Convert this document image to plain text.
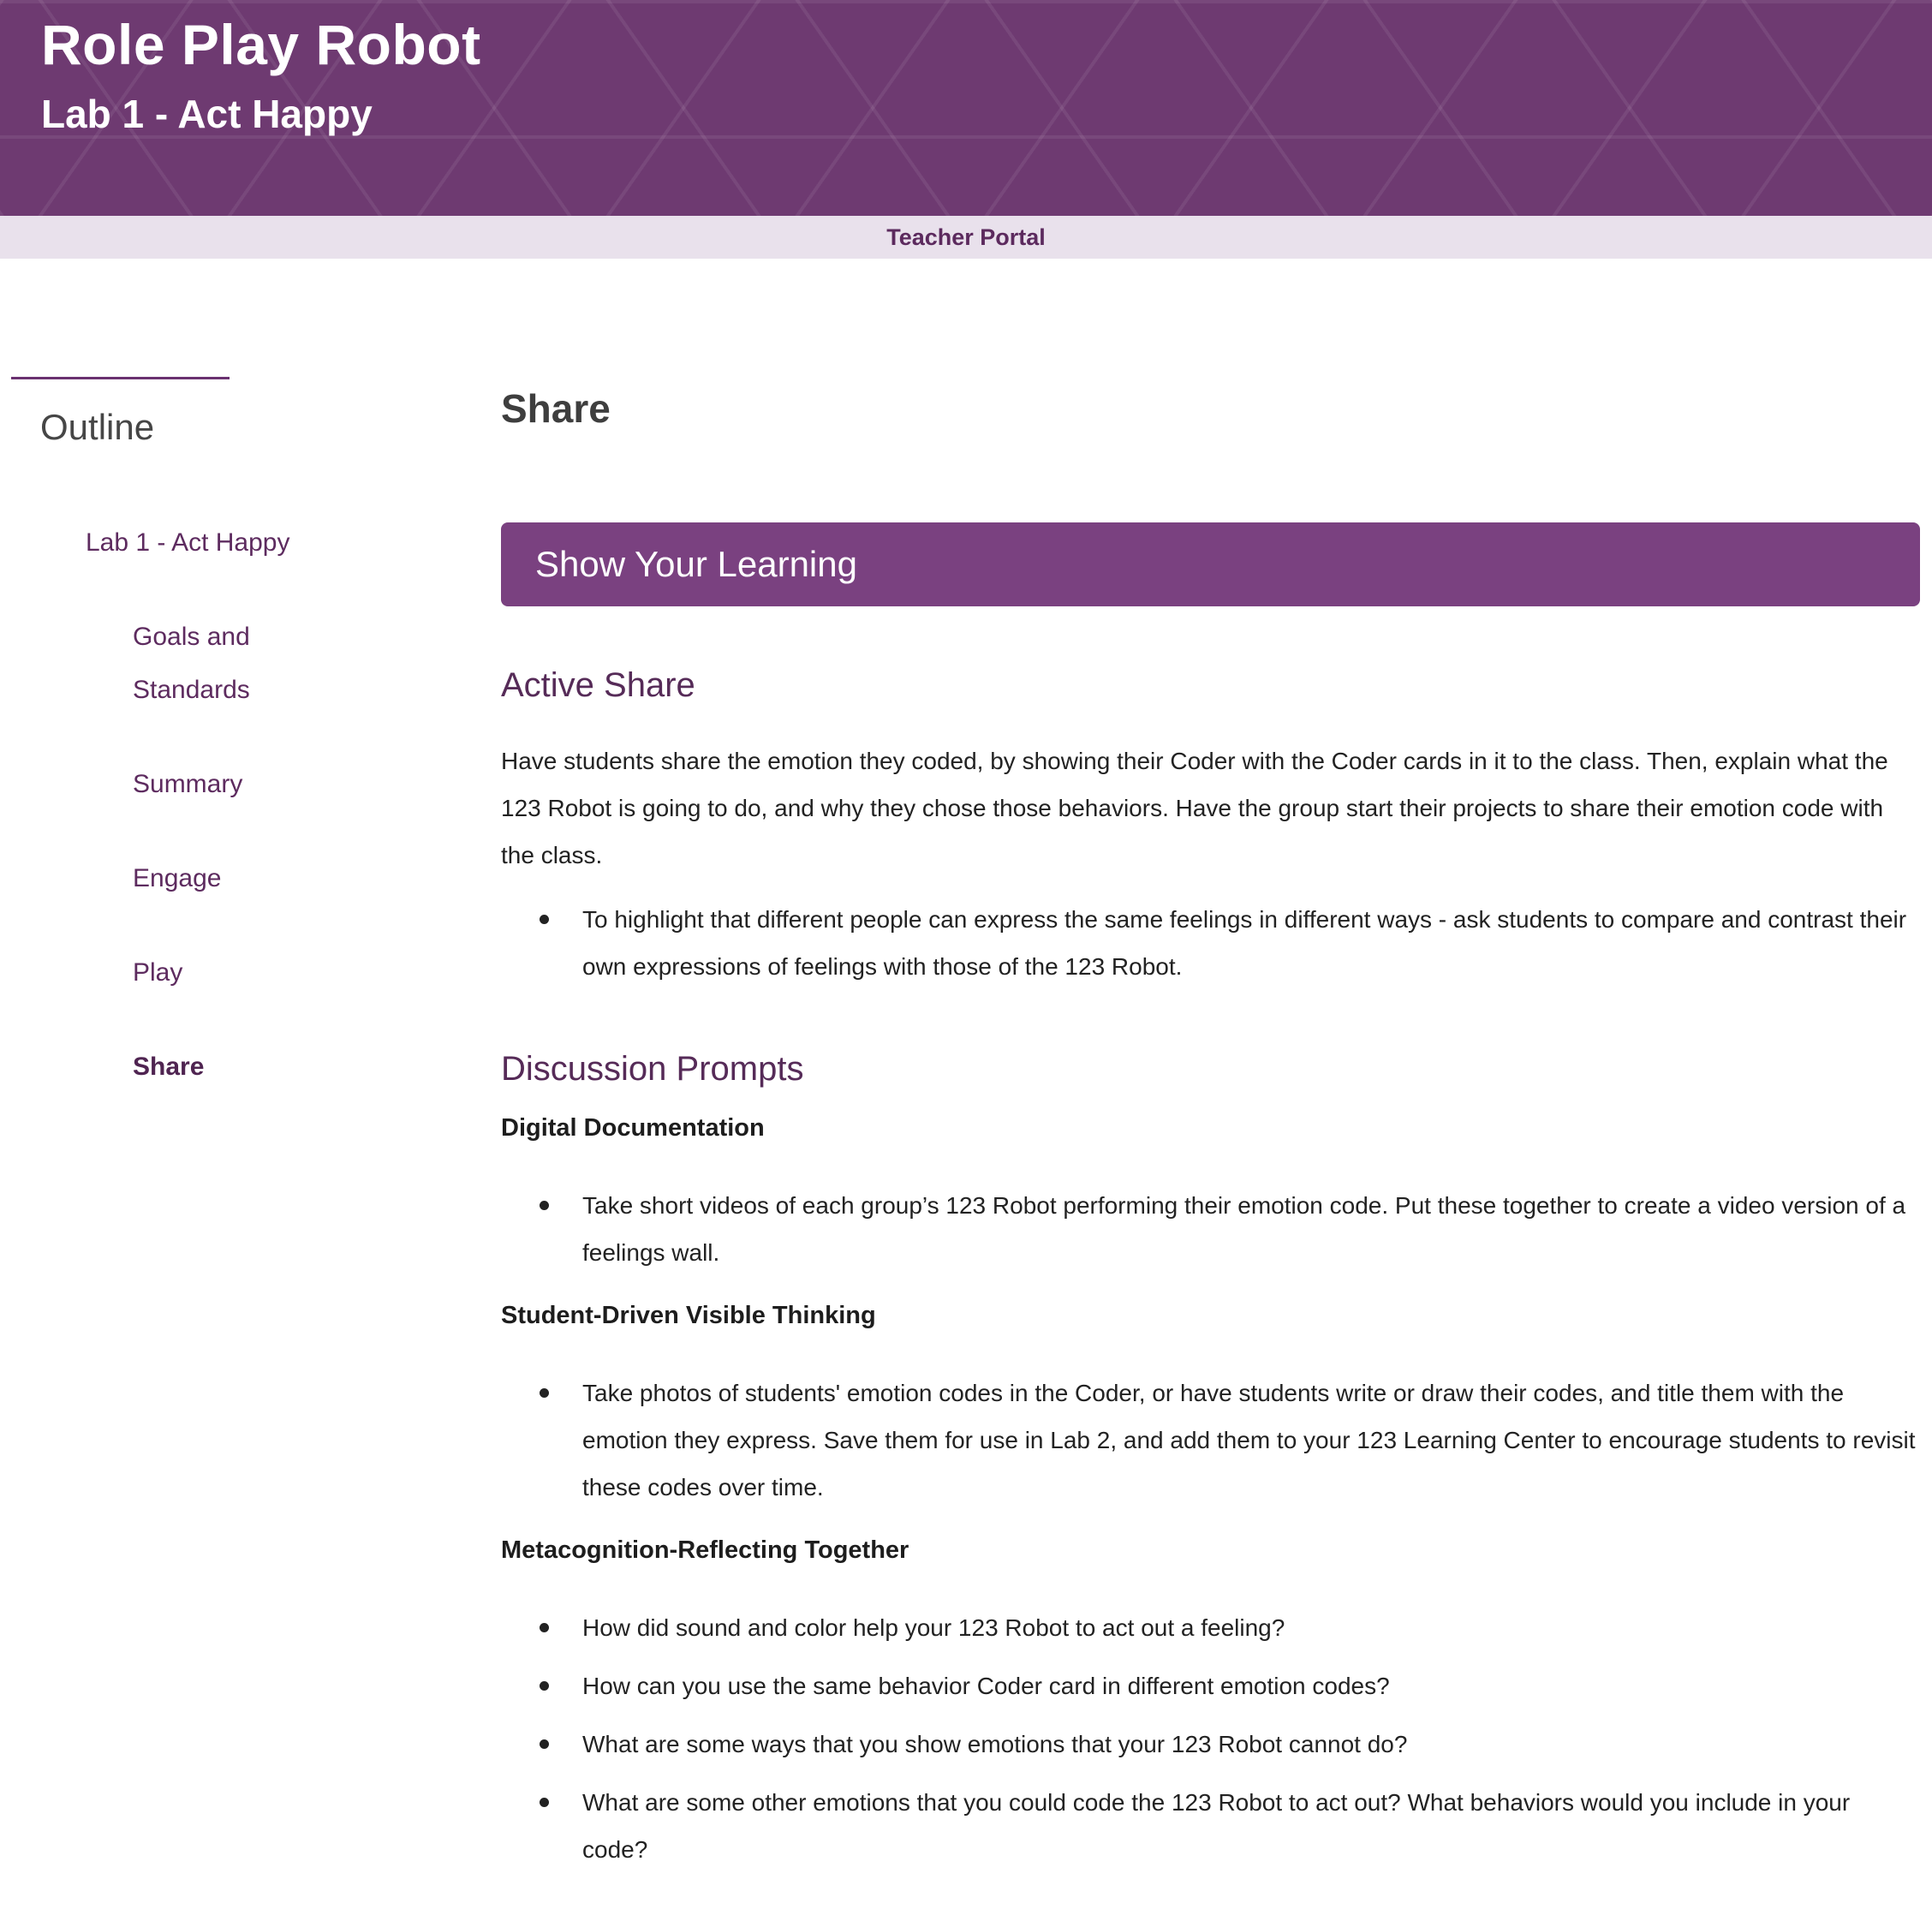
Role Play Robot
Lab 1 - Act Happy
Teacher Portal
Outline
Lab 1 - Act Happy
Goals and Standards
Summary
Engage
Play
Share
Share
Show Your Learning
Active Share

Have students share the emotion they coded, by showing their Coder with the Coder cards in it to the class. Then, explain what the 123 Robot is going to do, and why they chose those behaviors. Have the group start their projects to share their emotion code with the class.

To highlight that different people can express the same feelings in different ways - ask students to compare and contrast their own expressions of feelings with those of the 123 Robot.
Discussion Prompts
Digital Documentation
Take short videos of each group’s 123 Robot performing their emotion code. Put these together to create a video version of a feelings wall.
Student-Driven Visible Thinking
Take photos of students' emotion codes in the Coder, or have students write or draw their codes, and title them with the emotion they express. Save them for use in Lab 2, and add them to your 123 Learning Center to encourage students to revisit these codes over time.
Metacognition-Reflecting Together
How did sound and color help your 123 Robot to act out a feeling?
How can you use the same behavior Coder card in different emotion codes?
What are some ways that you show emotions that your 123 Robot cannot do?
What are some other emotions that you could code the 123 Robot to act out? What behaviors would you include in your code?
